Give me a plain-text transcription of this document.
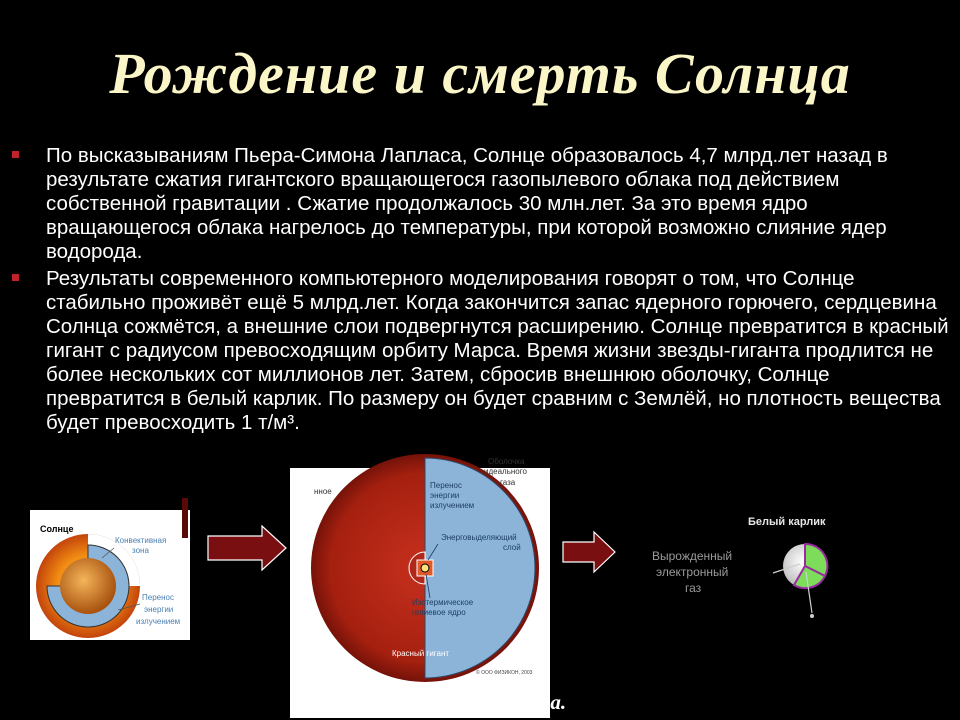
Рождение и смерть Солнца
По высказываниям Пьера-Симона Лапласа, Солнце образовалось 4,7 млрд.лет назад в результате сжатия гигантского вращающегося газопылевого облака под действием собственной гравитации . Сжатие продолжалось 30 млн.лет. За это время ядро вращающегося облака нагрелось до температуры, при которой возможно слияние ядер водорода.
Результаты современного компьютерного моделирования говорят о том, что Солнце стабильно проживёт ещё 5 млрд.лет. Когда закончится запас ядерного горючего, сердцевина Солнца сожмётся, а внешние слои подвергнутся расширению. Солнце превратится в красный гигант с радиусом превосходящим орбиту Марса. Время жизни звезды-гиганта продлится не более нескольких сот миллионов лет. Затем, сбросив внешнюю оболочку, Солнце превратится в белый карлик. По размеру он будет сравним с Землёй, но плотность вещества будет превосходить 1 т/м³.
Солнце
Конвективная
зона
Перенос
энергии
излучением
нное
Оболочка
идеального
газа
Перенос
энергии
излучением
Энерговыделяющий
слой
Изотермическое
гелиевое ядро
Красный гигант
© ООО ФИЗИКОН, 2003
Белый карлик
Вырожденный
электронный
газ
Эволюция Солнца.
